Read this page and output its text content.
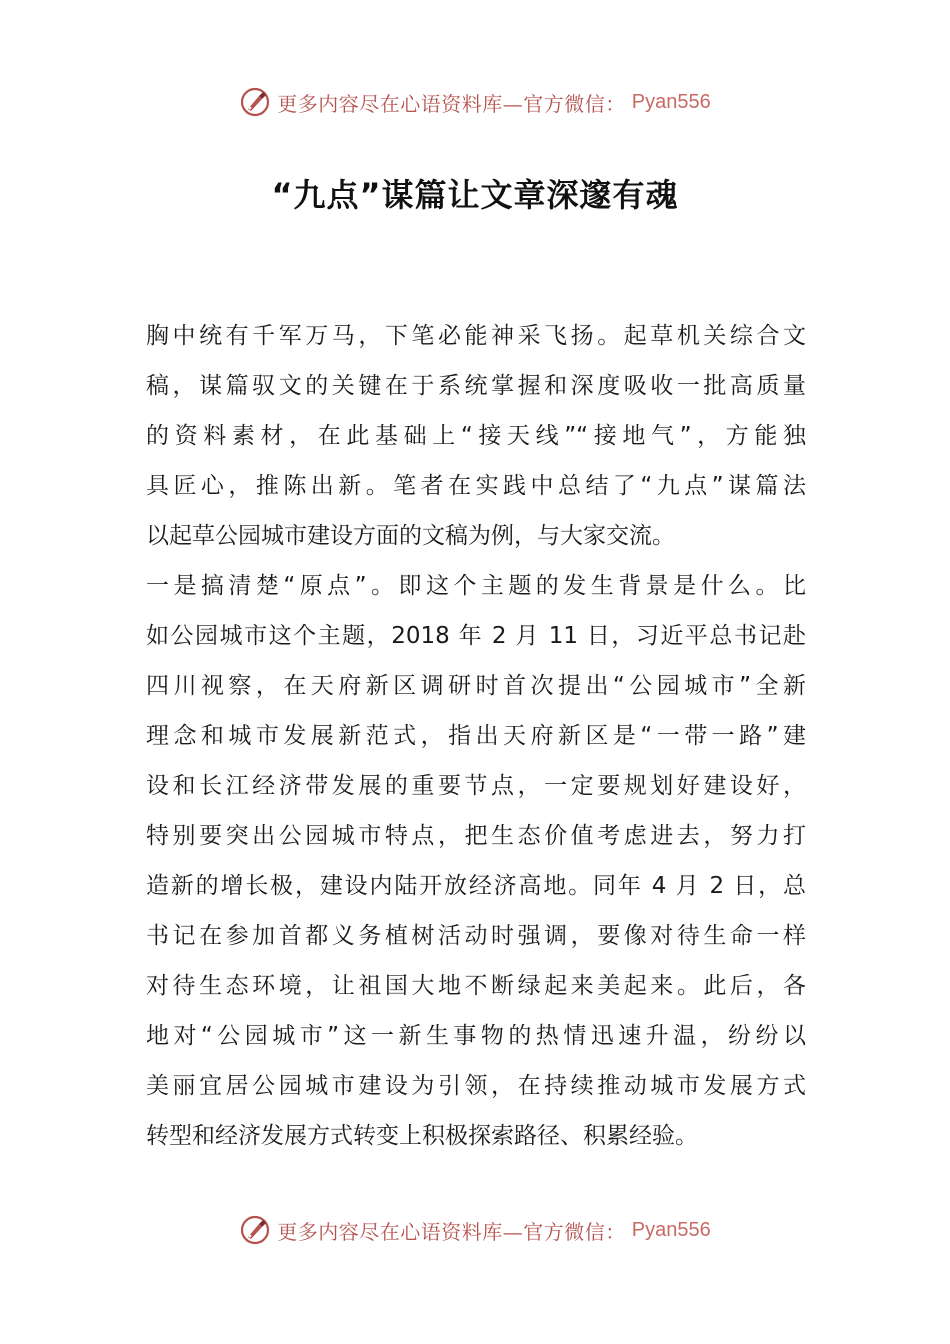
更多内容尽在心语资料库—官方微信： Pyan556
“九点”谋篇让文章深邃有魂
胸中统有千军万马，下笔必能神采飞扬。起草机关综合文
稿，谋篇驭文的关键在于系统掌握和深度吸收一批高质量
的资料素材，在此基础上“接天线”“接地气”，方能独
具匠心，推陈出新。笔者在实践中总结了“九点”谋篇法
以起草公园城市建设方面的文稿为例，与大家交流。
一是搞清楚“原点”。即这个主题的发生背景是什么。比
如公园城市这个主题，2018 年 2 月 11 日，习近平总书记赴
四川视察，在天府新区调研时首次提出“公园城市”全新
理念和城市发展新范式，指出天府新区是“一带一路”建
设和长江经济带发展的重要节点，一定要规划好建设好，
特别要突出公园城市特点，把生态价值考虑进去，努力打
造新的增长极，建设内陆开放经济高地。同年 4 月 2 日，总
书记在参加首都义务植树活动时强调，要像对待生命一样
对待生态环境，让祖国大地不断绿起来美起来。此后，各
地对“公园城市”这一新生事物的热情迅速升温，纷纷以
美丽宜居公园城市建设为引领，在持续推动城市发展方式
转型和经济发展方式转变上积极探索路径、积累经验。
更多内容尽在心语资料库—官方微信： Pyan556
